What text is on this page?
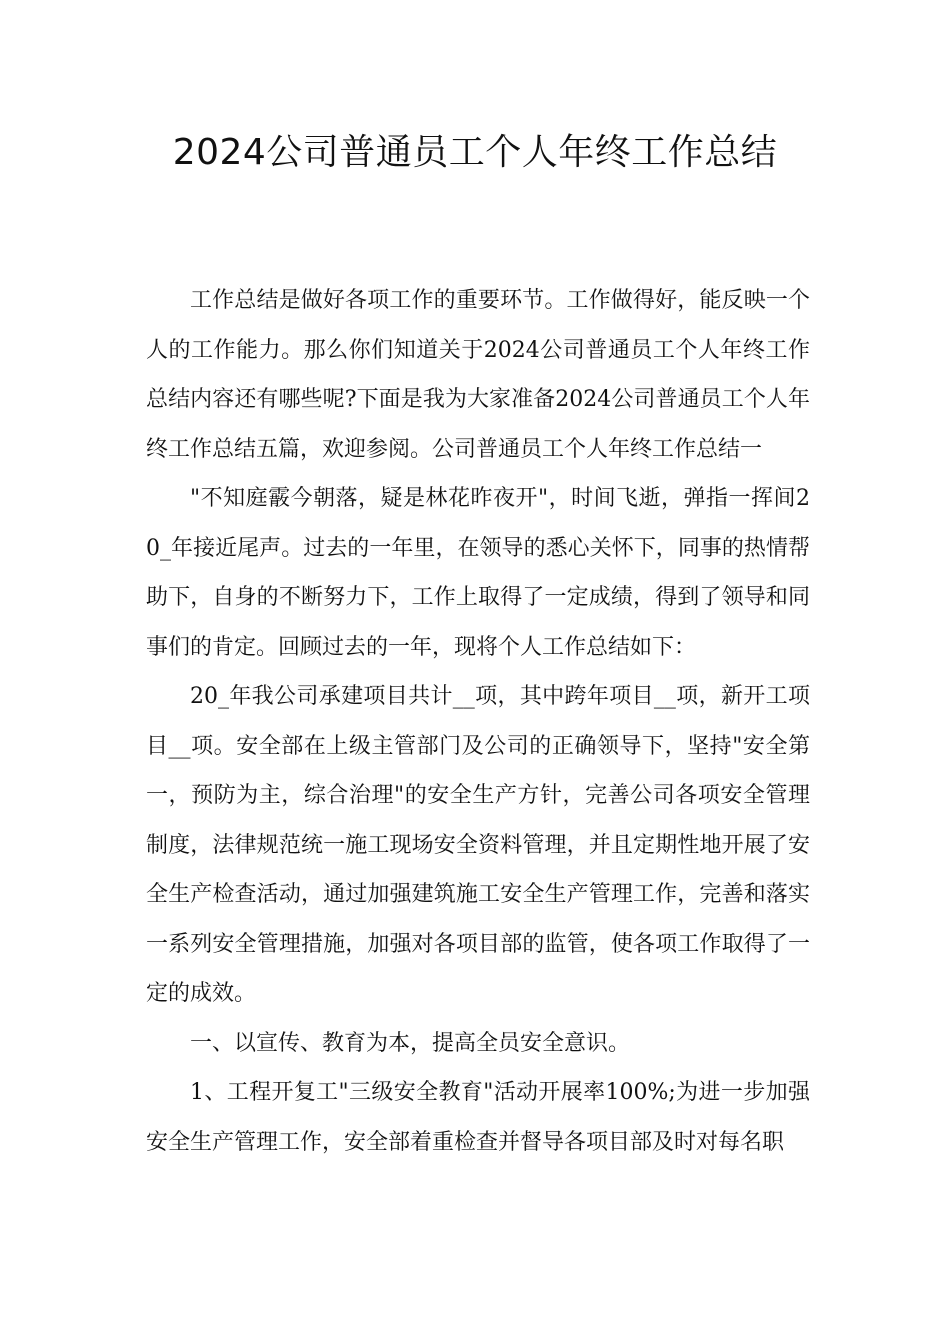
2024公司普通员工个人年终工作总结

工作总结是做好各项工作的重要环节。工作做得好，能反映一个人的工作能力。那么你们知道关于2024公司普通员工个人年终工作总结内容还有哪些呢?下面是我为大家准备2024公司普通员工个人年终工作总结五篇，欢迎参阅。公司普通员工个人年终工作总结一

"不知庭霰今朝落，疑是林花昨夜开"，时间飞逝，弹指一挥间20_年接近尾声。过去的一年里，在领导的悉心关怀下，同事的热情帮助下，自身的不断努力下，工作上取得了一定成绩，得到了领导和同事们的肯定。回顾过去的一年，现将个人工作总结如下：

20_年我公司承建项目共计__项，其中跨年项目__项，新开工项目__项。安全部在上级主管部门及公司的正确领导下，坚持"安全第一，预防为主，综合治理"的安全生产方针，完善公司各项安全管理制度，法律规范统一施工现场安全资料管理，并且定期性地开展了安全生产检查活动，通过加强建筑施工安全生产管理工作，完善和落实一系列安全管理措施，加强对各项目部的监管，使各项工作取得了一定的成效。

一、以宣传、教育为本，提高全员安全意识。

1、工程开复工"三级安全教育"活动开展率100%;为进一步加强安全生产管理工作，安全部着重检查并督导各项目部及时对每名职
